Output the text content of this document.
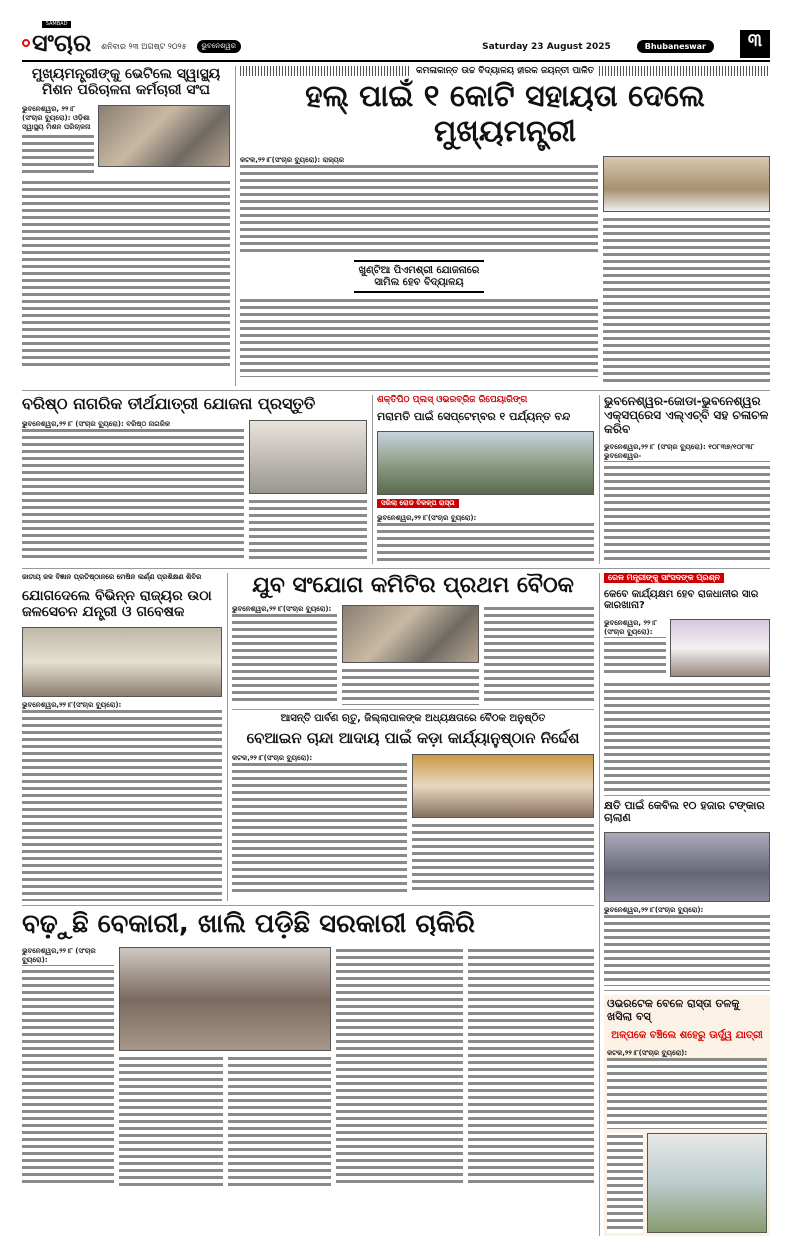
SAMBAD
ସଂଚାର ଶନିବାର ୨୩ ଅଗଷ୍ଟ ୨୦୨୫	ଭୁବନେଶ୍ୱର	Saturday 23 August 2025	Bhubaneswar	୩
ମୁଖ୍ୟମନ୍ତ୍ରୀଙ୍କୁ ଭେଟିଲେ ସ୍ୱାସ୍ଥ୍ୟ ମିଶନ ପରିଚାଳନା କର୍ମଚାରୀ ସଂଘ
ଭୁବନେଶ୍ୱର, ୨୨।୮ (ସଂଚାର ବ୍ୟୁରୋ): ଓଡ଼ିଶା ସ୍ୱାସ୍ଥ୍ୟ ମିଶନ ପରିଚାଳନା
କମଳାକାନ୍ତ ଉଚ୍ଚ ବିଦ୍ୟାଳୟ ହୀରକ ଜୟନ୍ତୀ ପାଳିତ
ହଲ୍ ପାଇଁ ୧ କୋଟି ସହାୟତା ଦେଲେ ମୁଖ୍ୟମନ୍ତ୍ରୀ
କଟକ,୨୨।୮(ସଂଚାର ବ୍ୟୁରୋ): ରାଜ୍ୟର
ଖୁଣ୍ଟିଆ ପିଏମଶ୍ରୀ ଯୋଜନାରେ ସାମିଲ ହେବ ବିଦ୍ୟାଳୟ
ବରିଷ୍ଠ ନାଗରିକ ତୀର୍ଥଯାତ୍ରୀ ଯୋଜନା ପ୍ରସ୍ତୁତି
ଭୁବନେଶ୍ୱର,୨୨।୮ (ସଂଚାର ବ୍ୟୁରୋ): ବରିଷ୍ଠ ନାଗରିକ
ଶକ୍ତିପିଠ ପ୍ଲସ୍ ଓଭରବ୍ରିଜ ରିପେୟାରିଙ୍ଗ
ମରାମତି ପାଇଁ ସେପ୍ଟେମ୍ବର ୧ ପର୍ଯ୍ୟନ୍ତ ବନ୍ଦ
ସରିଲା ରୋଡ ବିକଳ୍ପ ରାସ୍ତା
ଭୁବନେଶ୍ୱର,୨୨।୮(ସଂଚାର ବ୍ୟୁରୋ):
ଭୁବନେଶ୍ୱର-ଜୋଡା-ଭୁବନେଶ୍ୱର ଏକ୍ସପ୍ରେସ ଏଲ୍‌ଏଚ୍‌ବି ସହ ଚଳାଚଳ କରିବ
ଭୁବନେଶ୍ୱର,୨୨।୮ (ସଂଚାର ବ୍ୟୁରୋ): ୧୦୮୩୭/୧୦୮୩୮ ଭୁବନେଶ୍ୱର-
ଜାତୀୟ ଜଳ ବିଜ୍ଞାନ ପ୍ରତିଷ୍ଠାନରେ ମେଷିନ ଲର୍ଣ୍ଣ ପ୍ରଶିକ୍ଷଣ ଶିବିର
ଯୋଗଦେଲେ ବିଭିନ୍ନ ରାଜ୍ୟର ଉଠା ଜଳସେଚନ ଯନ୍ତ୍ରୀ ଓ ଗବେଷକ
ଭୁବନେଶ୍ୱର,୨୨।୮(ସଂଚାର ବ୍ୟୁରୋ):
ଯୁବ ସଂଯୋଗ କମିଟିର ପ୍ରଥମ ବୈଠକ
ଭୁବନେଶ୍ୱର,୨୨।୮(ସଂଚାର ବ୍ୟୁରୋ):
ଆସନ୍ତି ପାର୍ବଣ ଋତୁ, ଜିଲ୍ଲାପାଳଙ୍କ ଅଧ୍ୟକ୍ଷତାରେ ବୈଠକ ଅନୁଷ୍ଠିତ
ବେଆଇନ ଚାନ୍ଦା ଆଦାୟ ପାଇଁ କଡ଼ା କାର୍ଯ୍ୟାନୁଷ୍ଠାନ ନିର୍ଦ୍ଦେଶ
କଟକ,୨୨।୮(ସଂଚାର ବ୍ୟୁରୋ):
ବଢ଼ୁଛି ବେକାରୀ, ଖାଲି ପଡ଼ିଛି ସରକାରୀ ଚାକିରି
ଭୁବନେଶ୍ୱର,୨୨।୮ (ସଂଚାର ବ୍ୟୁରୋ):
ରେଳ ମନ୍ତ୍ରୀଙ୍କୁ ସାଂସଦଙ୍କ ପ୍ରଶ୍ନ
କେବେ କାର୍ଯ୍ୟକ୍ଷମ ହେବ ରାଜଧାନୀର ସାର କାରଖାନା?
ଭୁବନେଶ୍ୱର, ୨୨।୮ (ସଂଚାର ବ୍ୟୁରୋ):
କ୍ଷତି ପାଇଁ କେବିଲ ୧୦ ହଜାର ଟଙ୍କାର ଚାଲାଣ
ଭୁବନେଶ୍ୱର,୨୨।୮(ସଂଚାର ବ୍ୟୁରୋ):
ଓଭରଟେକ ବେଳେ ରାସ୍ତା ତଳକୁ ଖସିଲା ବସ୍
ଅଳ୍ପକେ ବଞ୍ଚିଲେ ଶହେରୁ ଊର୍ଦ୍ଧ୍ୱ ଯାତ୍ରୀ
କଟକ,୨୨।୮(ସଂଚାର ବ୍ୟୁରୋ):
